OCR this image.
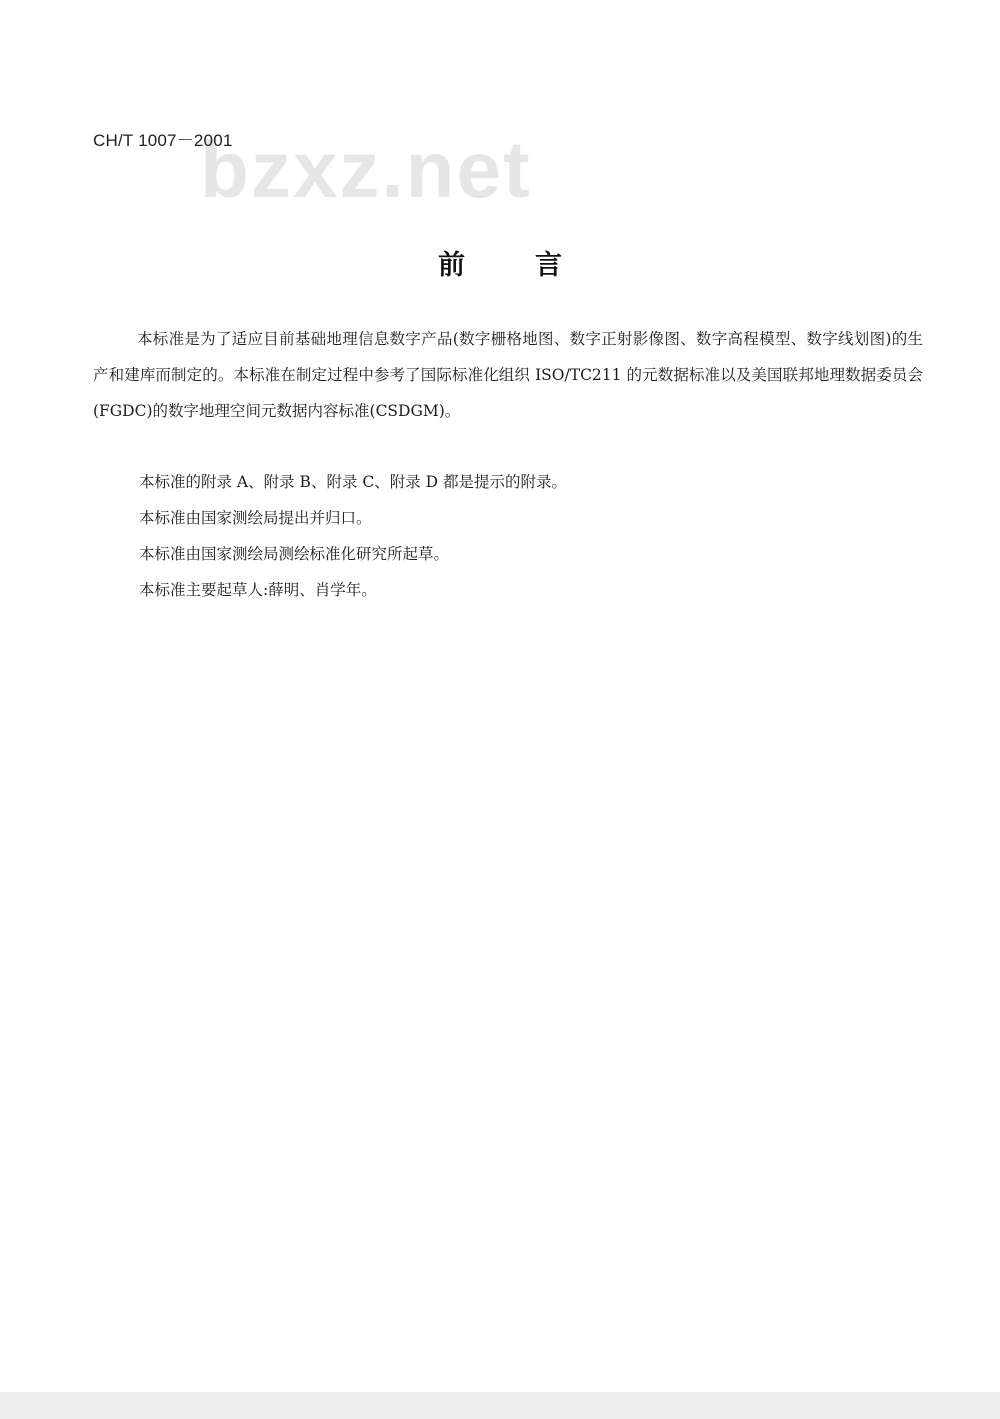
bzxz.net
CH/T 1007－2001
前言
本标准是为了适应目前基础地理信息数字产品(数字栅格地图、数字正射影像图、数字高程模型、数字线划图)的生产和建库而制定的。本标准在制定过程中参考了国际标准化组织 ISO/TC211 的元数据标准以及美国联邦地理数据委员会(FGDC)的数字地理空间元数据内容标准(CSDGM)。
本标准的附录 A、附录 B、附录 C、附录 D 都是提示的附录。
本标准由国家测绘局提出并归口。
本标准由国家测绘局测绘标准化研究所起草。
本标准主要起草人:薛明、肖学年。
